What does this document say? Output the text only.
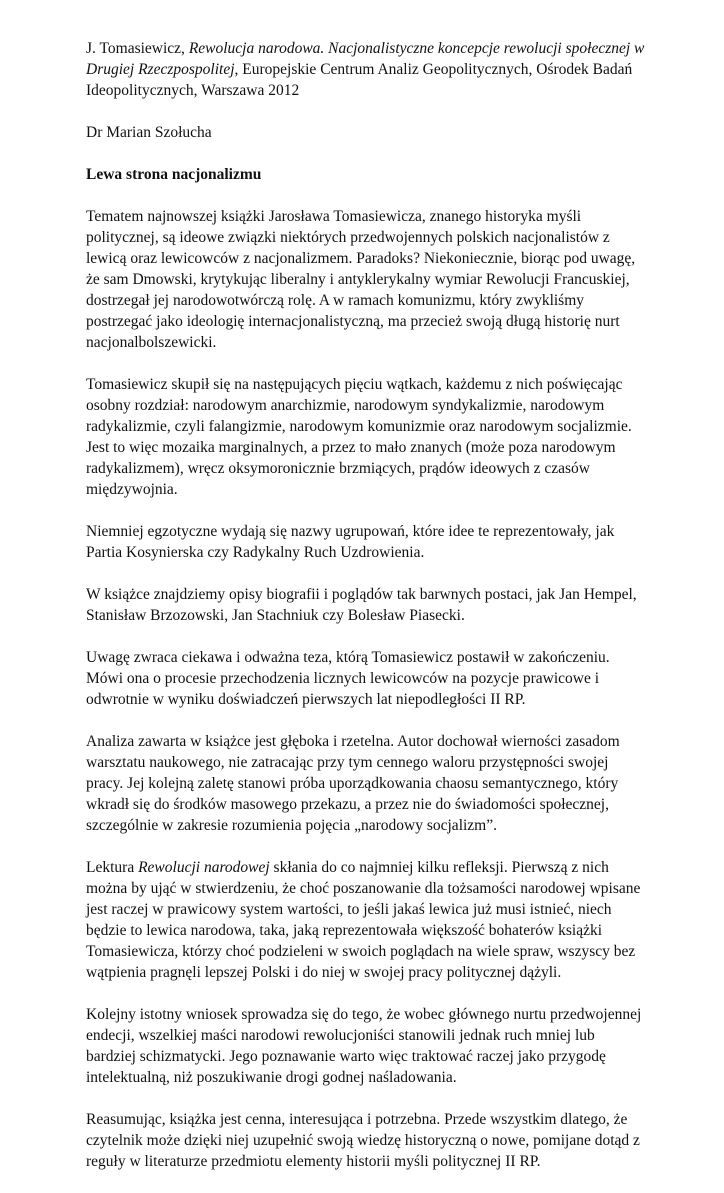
J. Tomasiewicz, Rewolucja narodowa. Nacjonalistyczne koncepcje rewolucji społecznej w Drugiej Rzeczpospolitej, Europejskie Centrum Analiz Geopolitycznych, Ośrodek Badań Ideopolitycznych, Warszawa 2012

Dr Marian Szołucha

Lewa strona nacjonalizmu

Tematem najnowszej książki Jarosława Tomasiewicza, znanego historyka myśli politycznej, są ideowe związki niektórych przedwojennych polskich nacjonalistów z lewicą oraz lewicowców z nacjonalizmem. Paradoks? Niekoniecznie, biorąc pod uwagę, że sam Dmowski, krytykując liberalny i antyklerykalny wymiar Rewolucji Francuskiej, dostrzegał jej narodowotwórczą rolę. A w ramach komunizmu, który zwykliśmy postrzegać jako ideologię internacjonalistyczną, ma przecież swoją długą historię nurt nacjonalbolszewicki.

Tomasiewicz skupił się na następujących pięciu wątkach, każdemu z nich poświęcając osobny rozdział: narodowym anarchizmie, narodowym syndykalizmie, narodowym radykalizmie, czyli falangizmie, narodowym komunizmie oraz narodowym socjalizmie. Jest to więc mozaika marginalnych, a przez to mało znanych (może poza narodowym radykalizmem), wręcz oksymoronicznie brzmiących, prądów ideowych z czasów międzywojnia.

Niemniej egzotyczne wydają się nazwy ugrupowań, które idee te reprezentowały, jak Partia Kosynierska czy Radykalny Ruch Uzdrowienia.

W książce znajdziemy opisy biografii i poglądów tak barwnych postaci, jak Jan Hempel, Stanisław Brzozowski, Jan Stachniuk czy Bolesław Piasecki.

Uwagę zwraca ciekawa i odważna teza, którą Tomasiewicz postawił w zakończeniu. Mówi ona o procesie przechodzenia licznych lewicowców na pozycje prawicowe i odwrotnie w wyniku doświadczeń pierwszych lat niepodległości II RP.

Analiza zawarta w książce jest głęboka i rzetelna. Autor dochował wierności zasadom warsztatu naukowego, nie zatracając przy tym cennego waloru przystępności swojej pracy. Jej kolejną zaletę stanowi próba uporządkowania chaosu semantycznego, który wkradł się do środków masowego przekazu, a przez nie do świadomości społecznej, szczególnie w zakresie rozumienia pojęcia „narodowy socjalizm”.

Lektura Rewolucji narodowej skłania do co najmniej kilku refleksji. Pierwszą z nich można by ująć w stwierdzeniu, że choć poszanowanie dla tożsamości narodowej wpisane jest raczej w prawicowy system wartości, to jeśli jakaś lewica już musi istnieć, niech będzie to lewica narodowa, taka, jaką reprezentowała większość bohaterów książki Tomasiewicza, którzy choć podzieleni w swoich poglądach na wiele spraw, wszyscy bez wątpienia pragnęli lepszej Polski i do niej w swojej pracy politycznej dążyli.

Kolejny istotny wniosek sprowadza się do tego, że wobec głównego nurtu przedwojennej endecji, wszelkiej maści narodowi rewolucjoniści stanowili jednak ruch mniej lub bardziej schizmatycki. Jego poznawanie warto więc traktować raczej jako przygodę intelektualną, niż poszukiwanie drogi godnej naśladowania.

Reasumując, książka jest cenna, interesująca i potrzebna. Przede wszystkim dlatego, że czytelnik może dzięki niej uzupełnić swoją wiedzę historyczną o nowe, pomijane dotąd z reguły w literaturze przedmiotu elementy historii myśli politycznej II RP.
